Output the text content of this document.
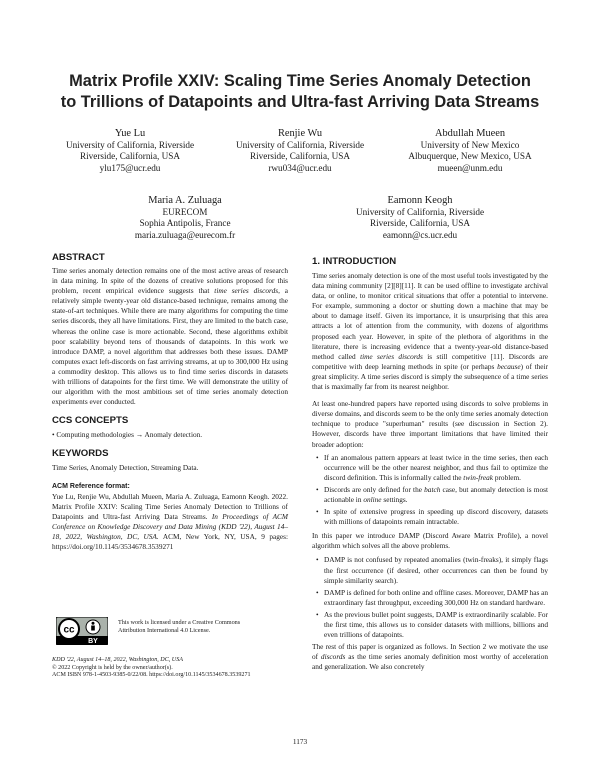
Matrix Profile XXIV: Scaling Time Series Anomaly Detection
to Trillions of Datapoints and Ultra-fast Arriving Data Streams
Yue Lu
University of California, Riverside
Riverside, California, USA
ylu175@ucr.edu
Renjie Wu
University of California, Riverside
Riverside, California, USA
rwu034@ucr.edu
Abdullah Mueen
University of New Mexico
Albuquerque, New Mexico, USA
mueen@unm.edu
Maria A. Zuluaga
EURECOM
Sophia Antipolis, France
maria.zuluaga@eurecom.fr
Eamonn Keogh
University of California, Riverside
Riverside, California, USA
eamonn@cs.ucr.edu

ABSTRACT

Time series anomaly detection remains one of the most active areas of research in data mining. In spite of the dozens of creative solutions proposed for this problem, recent empirical evidence suggests that time series discords, a relatively simple twenty-year old distance-based technique, remains among the state-of-art techniques. While there are many algorithms for computing the time series discords, they all have limitations. First, they are limited to the batch case, whereas the online case is more actionable. Second, these algorithms exhibit poor scalability beyond tens of thousands of datapoints. In this work we introduce DAMP, a novel algorithm that addresses both these issues. DAMP computes exact left-discords on fast arriving streams, at up to 300,000 Hz using a commodity desktop. This allows us to find time series discords in datasets with trillions of datapoints for the first time. We will demonstrate the utility of our algorithm with the most ambitious set of time series anomaly detection experiments ever conducted.

CCS CONCEPTS

• Computing methodologies → Anomaly detection.

KEYWORDS

Time Series, Anomaly Detection, Streaming Data.

ACM Reference format:

Yue Lu, Renjie Wu, Abdullah Mueen, Maria A. Zuluaga, Eamonn Keogh. 2022. Matrix Profile XXIV: Scaling Time Series Anomaly Detection to Trillions of Datapoints and Ultra-fast Arriving Data Streams. In Proceedings of ACM Conference on Knowledge Discovery and Data Mining (KDD '22), August 14–18, 2022, Washington, DC, USA. ACM, New York, NY, USA, 9 pages: https://doi.org/10.1145/3534678.3539271

cc
BY
This work is licensed under a Creative Commons
Attribution International 4.0 License.
KDD '22, August 14–18, 2022, Washington, DC, USA
© 2022 Copyright is held by the owner/author(s).
ACM ISBN 978-1-4503-9385-0/22/08. https://doi.org/10.1145/3534678.3539271

1. INTRODUCTION

Time series anomaly detection is one of the most useful tools investigated by the data mining community [2][8][11]. It can be used offline to investigate archival data, or online, to monitor critical situations that offer a potential to intervene. For example, summoning a doctor or shutting down a machine that may be about to damage itself. Given its importance, it is unsurprising that this area attracts a lot of attention from the community, with dozens of algorithms proposed each year. However, in spite of the plethora of algorithms in the literature, there is increasing evidence that a twenty-year-old distance-based method called time series discords is still competitive [11]. Discords are competitive with deep learning methods in spite (or perhaps because) of their great simplicity. A time series discord is simply the subsequence of a time series that is maximally far from its nearest neighbor.

At least one-hundred papers have reported using discords to solve problems in diverse domains, and discords seem to be the only time series anomaly detection technique to produce "superhuman" results (see discussion in Section 2). However, discords have three important limitations that have limited their broader adoption:

• If an anomalous pattern appears at least twice in the time series, then each occurrence will be the other nearest neighbor, and thus fail to optimize the discord definition. This is informally called the twin-freak problem.
• Discords are only defined for the batch case, but anomaly detection is most actionable in online settings.
• In spite of extensive progress in speeding up discord discovery, datasets with millions of datapoints remain intractable.

In this paper we introduce DAMP (Discord Aware Matrix Profile), a novel algorithm which solves all the above problems.

• DAMP is not confused by repeated anomalies (twin-freaks), it simply flags the first occurrence (if desired, other occurrences can then be found by simple similarity search).
• DAMP is defined for both online and offline cases. Moreover, DAMP has an extraordinary fast throughput, exceeding 300,000 Hz on standard hardware.
• As the previous bullet point suggests, DAMP is extraordinarily scalable. For the first time, this allows us to consider datasets with millions, billions and even trillions of datapoints.

The rest of this paper is organized as follows. In Section 2 we motivate the use of discords as the time series anomaly definition most worthy of acceleration and generalization. We also concretely

1173
